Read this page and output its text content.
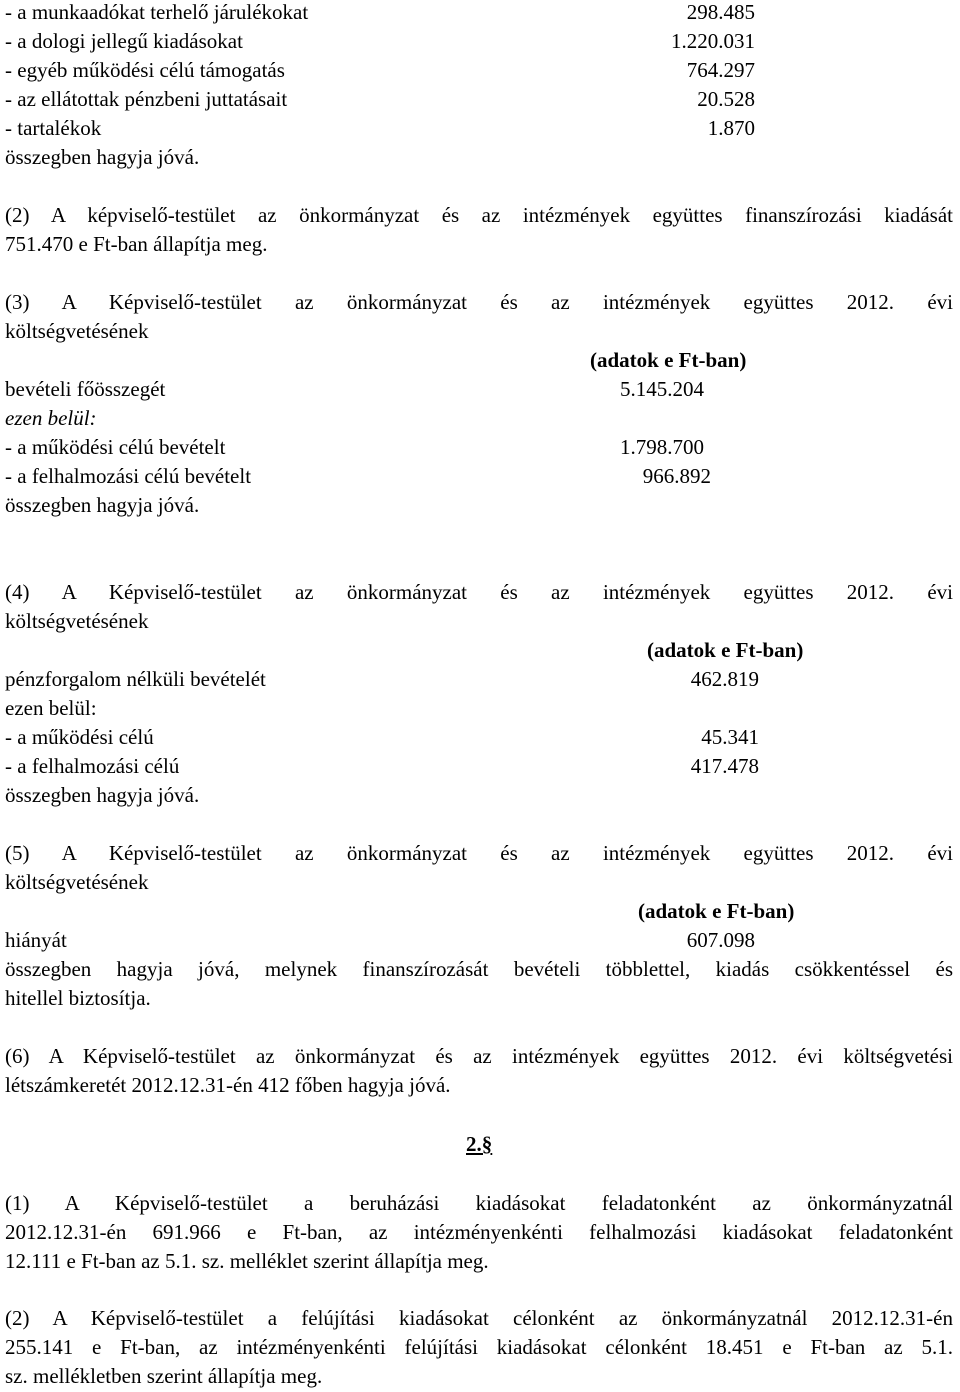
- a munkaadókat terhelő járulékokat	298.485
- a dologi jellegű kiadásokat	1.220.031
- egyéb működési célú támogatás	764.297
- az ellátottak pénzbeni juttatásait	20.528
- tartalékok	1.870
összegben hagyja jóvá.
(2) A képviselő-testület az önkormányzat és az intézmények együttes finanszírozási kiadását
751.470 e Ft-ban állapítja meg.
(3) A Képviselő-testület az önkormányzat és az intézmények együttes 2012. évi
költségvetésének
(adatok e Ft-ban)
bevételi főösszegét	5.145.204
ezen belül:
- a működési célú bevételt	1.798.700
- a felhalmozási célú bevételt	966.892
összegben hagyja jóvá.
(4) A Képviselő-testület az önkormányzat és az intézmények együttes 2012. évi
költségvetésének
(adatok e Ft-ban)
pénzforgalom nélküli bevételét	462.819
ezen belül:
- a működési célú	45.341
- a felhalmozási célú	417.478
összegben hagyja jóvá.
(5) A Képviselő-testület az önkormányzat és az intézmények együttes 2012. évi
költségvetésének
(adatok e Ft-ban)
hiányát	607.098
összegben hagyja jóvá, melynek finanszírozását bevételi többlettel, kiadás csökkentéssel és
hitellel biztosítja.
(6) A Képviselő-testület az önkormányzat és az intézmények együttes 2012. évi költségvetési
létszámkeretét 2012.12.31-én 412 főben hagyja jóvá.
2.§
(1) A Képviselő-testület a beruházási kiadásokat feladatonként az önkormányzatnál
2012.12.31-én 691.966 e Ft-ban, az intézményenkénti felhalmozási kiadásokat feladatonként
12.111 e Ft-ban az 5.1. sz. melléklet szerint állapítja meg.
(2) A Képviselő-testület a felújítási kiadásokat célonként az önkormányzatnál 2012.12.31-én
255.141 e Ft-ban, az intézményenkénti felújítási kiadásokat célonként 18.451 e Ft-ban az 5.1.
sz. mellékletben szerint állapítja meg.
